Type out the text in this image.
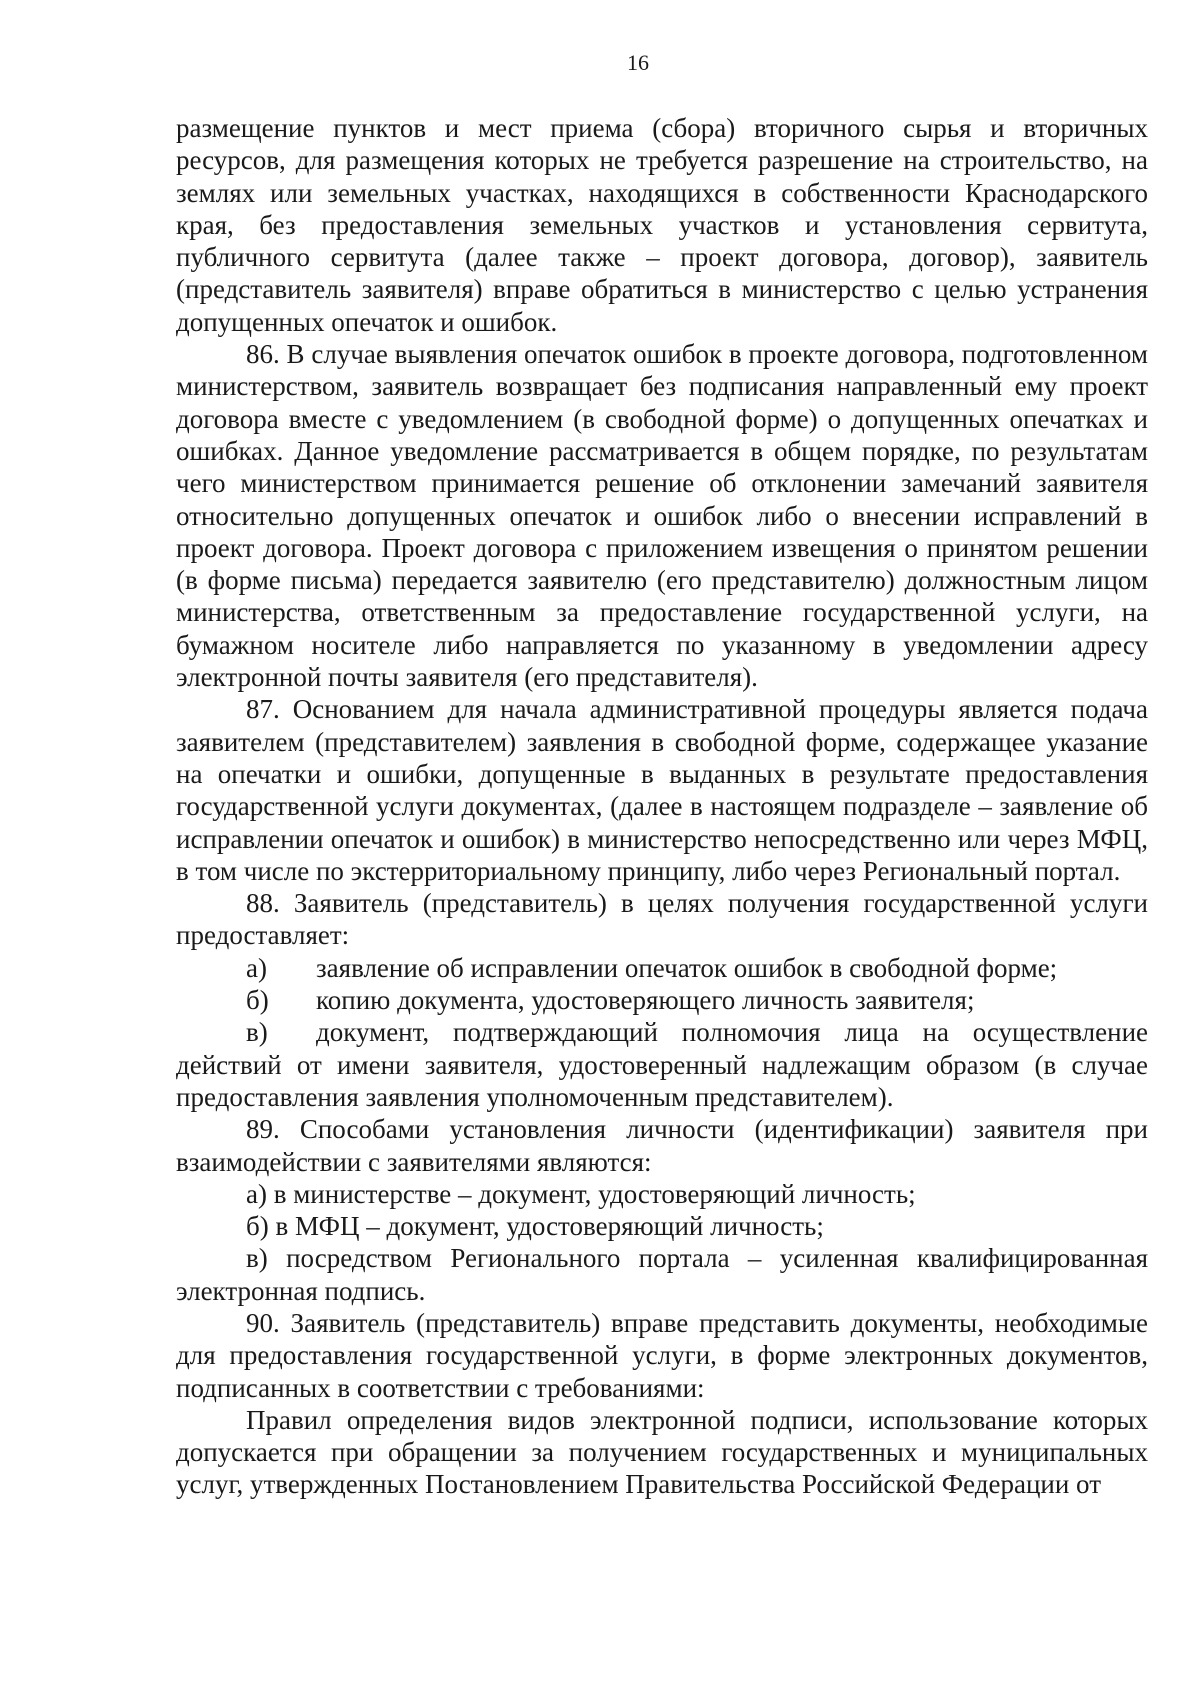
16

размещение пунктов и мест приема (сбора) вторичного сырья и вторичных ресурсов, для размещения которых не требуется разрешение на строительство, на землях или земельных участках, находящихся в собственности Краснодарского края, без предоставления земельных участков и установления сервитута, публичного сервитута (далее также – проект договора, договор), заявитель (представитель заявителя) вправе обратиться в министерство с целью устранения допущенных опечаток и ошибок.

86. В случае выявления опечаток ошибок в проекте договора, подготовленном министерством, заявитель возвращает без подписания направленный ему проект договора вместе с уведомлением (в свободной форме) о допущенных опечатках и ошибках. Данное уведомление рассматривается в общем порядке, по результатам чего министерством принимается решение об отклонении замечаний заявителя относительно допущенных опечаток и ошибок либо о внесении исправлений в проект договора. Проект договора с приложением извещения о принятом решении (в форме письма) передается заявителю (его представителю) должностным лицом министерства, ответственным за предоставление государственной услуги, на бумажном носителе либо направляется по указанному в уведомлении адресу электронной почты заявителя (его представителя).

87. Основанием для начала административной процедуры является подача заявителем (представителем) заявления в свободной форме, содержащее указание на опечатки и ошибки, допущенные в выданных в результате предоставления государственной услуги документах, (далее в настоящем подразделе – заявление об исправлении опечаток и ошибок) в министерство непосредственно или через МФЦ, в том числе по экстерриториальному принципу, либо через Региональный портал.

88. Заявитель (представитель) в целях получения государственной услуги предоставляет:

а) заявление об исправлении опечаток ошибок в свободной форме;

б) копию документа, удостоверяющего личность заявителя;

в) документ, подтверждающий полномочия лица на осуществление действий от имени заявителя, удостоверенный надлежащим образом (в случае предоставления заявления уполномоченным представителем).

89. Способами установления личности (идентификации) заявителя при взаимодействии с заявителями являются:

а) в министерстве – документ, удостоверяющий личность;

б) в МФЦ – документ, удостоверяющий личность;

в) посредством Регионального портала – усиленная квалифицированная электронная подпись.

90. Заявитель (представитель) вправе представить документы, необходимые для предоставления государственной услуги, в форме электронных документов, подписанных в соответствии с требованиями:

Правил определения видов электронной подписи, использование которых допускается при обращении за получением государственных и муниципальных услуг, утвержденных Постановлением Правительства Российской Федерации от
